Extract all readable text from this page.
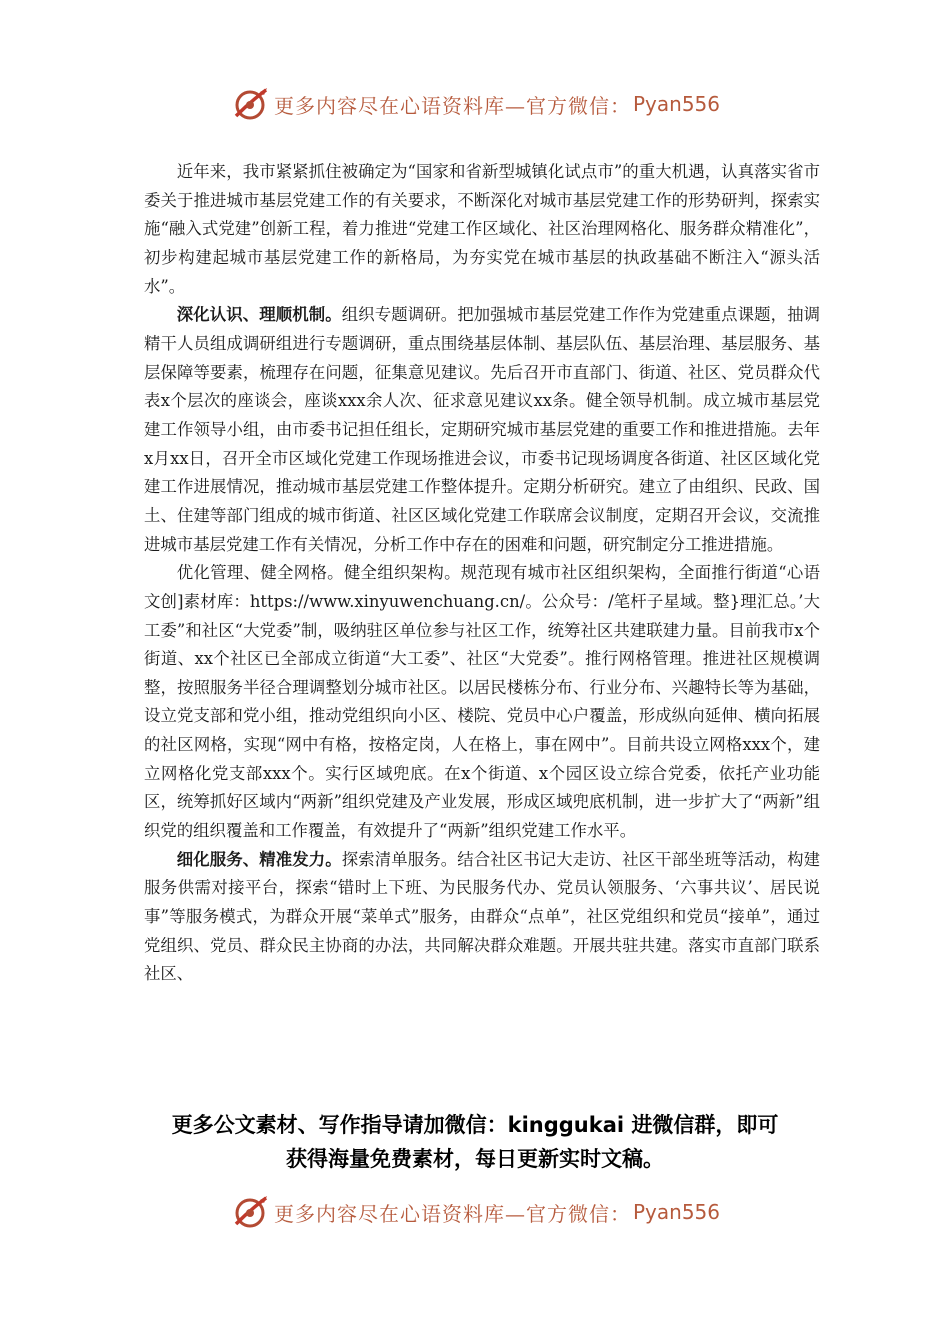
更多内容尽在心语资料库—官方微信： Pyan556

近年来，我市紧紧抓住被确定为“国家和省新型城镇化试点市”的重大机遇，认真落实省市委关于推进城市基层党建工作的有关要求，不断深化对城市基层党建工作的形势研判，探索实施“融入式党建”创新工程，着力推进“党建工作区域化、社区治理网格化、服务群众精准化”，初步构建起城市基层党建工作的新格局，为夯实党在城市基层的执政基础不断注入“源头活水”。

深化认识、理顺机制。组织专题调研。把加强城市基层党建工作作为党建重点课题，抽调精干人员组成调研组进行专题调研，重点围绕基层体制、基层队伍、基层治理、基层服务、基层保障等要素，梳理存在问题，征集意见建议。先后召开市直部门、街道、社区、党员群众代表x个层次的座谈会，座谈xxx余人次、征求意见建议xx条。健全领导机制。成立城市基层党建工作领导小组，由市委书记担任组长，定期研究城市基层党建的重要工作和推进措施。去年x月xx日，召开全市区域化党建工作现场推进会议，市委书记现场调度各街道、社区区域化党建工作进展情况，推动城市基层党建工作整体提升。定期分析研究。建立了由组织、民政、国土、住建等部门组成的城市街道、社区区域化党建工作联席会议制度，定期召开会议，交流推进城市基层党建工作有关情况，分析工作中存在的困难和问题，研究制定分工推进措施。

优化管理、健全网格。健全组织架构。规范现有城市社区组织架构，全面推行街道“心语文创]素材库：https://www.xinyuwenchuang.cn/。公众号：/笔杆子星域。整}理汇总。’大工委”和社区“大党委”制，吸纳驻区单位参与社区工作，统筹社区共建联建力量。目前我市x个街道、xx个社区已全部成立街道“大工委”、社区“大党委”。推行网格管理。推进社区规模调整，按照服务半径合理调整划分城市社区。以居民楼栋分布、行业分布、兴趣特长等为基础，设立党支部和党小组，推动党组织向小区、楼院、党员中心户覆盖，形成纵向延伸、横向拓展的社区网格，实现“网中有格，按格定岗，人在格上，事在网中”。目前共设立网格xxx个，建立网格化党支部xxx个。实行区域兜底。在x个街道、x个园区设立综合党委，依托产业功能区，统筹抓好区域内“两新”组织党建及产业发展，形成区域兜底机制，进一步扩大了“两新”组织党的组织覆盖和工作覆盖，有效提升了“两新”组织党建工作水平。

细化服务、精准发力。探索清单服务。结合社区书记大走访、社区干部坐班等活动，构建服务供需对接平台，探索“错时上下班、为民服务代办、党员认领服务、‘六事共议’、居民说事”等服务模式，为群众开展“菜单式”服务，由群众“点单”，社区党组织和党员“接单”，通过党组织、党员、群众民主协商的办法，共同解决群众难题。开展共驻共建。落实市直部门联系社区、

更多公文素材、写作指导请加微信：kinggukai 进微信群，即可
获得海量免费素材，每日更新实时文稿。
更多内容尽在心语资料库—官方微信： Pyan556
